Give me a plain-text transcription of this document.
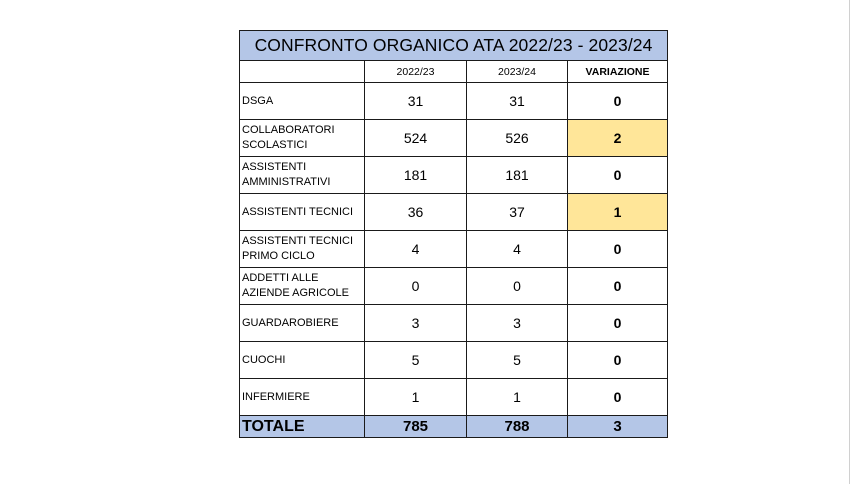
CONFRONTO ORGANICO ATA 2022/23 - 2023/24			
	2022/23	2023/24	VARIAZIONE
DSGA	31	31	0
COLLABORATORI SCOLASTICI	524	526	2
ASSISTENTI AMMINISTRATIVI	181	181	0
ASSISTENTI TECNICI	36	37	1
ASSISTENTI TECNICI PRIMO CICLO	4	4	0
ADDETTI ALLE AZIENDE AGRICOLE	0	0	0
GUARDAROBIERE	3	3	0
CUOCHI	5	5	0
INFERMIERE	1	1	0
TOTALE	785	788	3
